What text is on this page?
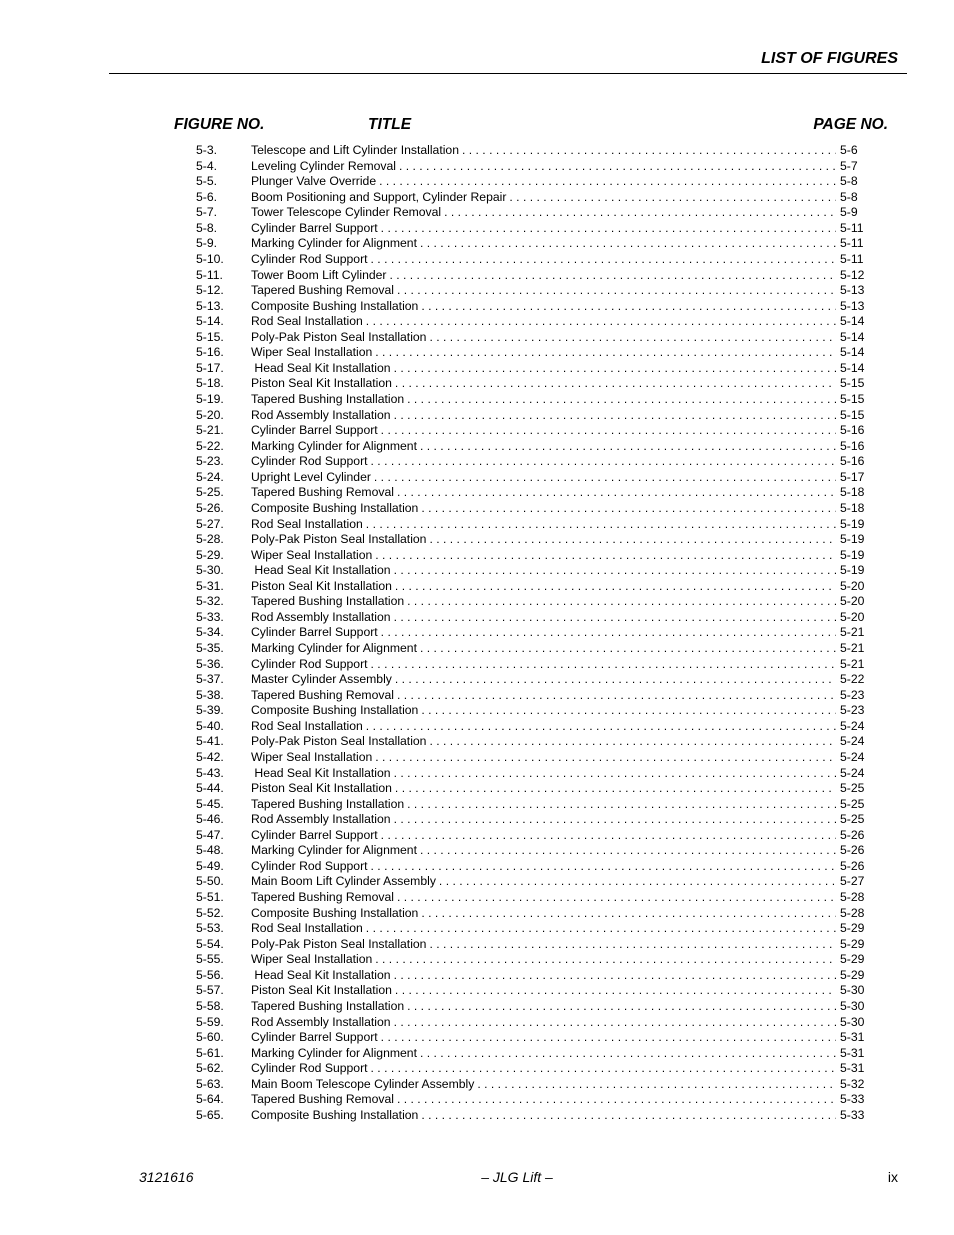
LIST OF FIGURES
FIGURE NO.	TITLE	PAGE NO.
5-3.	Telescope and Lift Cylinder Installation . . .	5-6
5-4.	Leveling Cylinder Removal . . .	5-7
5-5.	Plunger Valve Override . . .	5-8
5-6.	Boom Positioning and Support, Cylinder Repair . . .	5-8
5-7.	Tower Telescope Cylinder Removal . . .	5-9
5-8.	Cylinder Barrel Support . . .	5-11
5-9.	Marking Cylinder for Alignment . . .	5-11
5-10.	Cylinder Rod Support . . .	5-11
5-11.	Tower Boom Lift Cylinder . . .	5-12
5-12.	Tapered Bushing Removal . . .	5-13
5-13.	Composite Bushing Installation . . .	5-13
5-14.	Rod Seal Installation . . .	5-14
5-15.	Poly-Pak Piston Seal Installation . . .	5-14
5-16.	Wiper Seal Installation . . .	5-14
5-17.	Head Seal Kit Installation . . .	5-14
5-18.	Piston Seal Kit Installation . . .	5-15
5-19.	Tapered Bushing Installation . . .	5-15
5-20.	Rod Assembly Installation . . .	5-15
5-21.	Cylinder Barrel Support . . .	5-16
5-22.	Marking Cylinder for Alignment . . .	5-16
5-23.	Cylinder Rod Support . . .	5-16
5-24.	Upright Level Cylinder . . .	5-17
5-25.	Tapered Bushing Removal . . .	5-18
5-26.	Composite Bushing Installation . . .	5-18
5-27.	Rod Seal Installation . . .	5-19
5-28.	Poly-Pak Piston Seal Installation . . .	5-19
5-29.	Wiper Seal Installation . . .	5-19
5-30.	Head Seal Kit Installation . . .	5-19
5-31.	Piston Seal Kit Installation . . .	5-20
5-32.	Tapered Bushing Installation . . .	5-20
5-33.	Rod Assembly Installation . . .	5-20
5-34.	Cylinder Barrel Support . . .	5-21
5-35.	Marking Cylinder for Alignment . . .	5-21
5-36.	Cylinder Rod Support . . .	5-21
5-37.	Master Cylinder Assembly . . .	5-22
5-38.	Tapered Bushing Removal . . .	5-23
5-39.	Composite Bushing Installation . . .	5-23
5-40.	Rod Seal Installation . . .	5-24
5-41.	Poly-Pak Piston Seal Installation . . .	5-24
5-42.	Wiper Seal Installation . . .	5-24
5-43.	Head Seal Kit Installation . . .	5-24
5-44.	Piston Seal Kit Installation . . .	5-25
5-45.	Tapered Bushing Installation . . .	5-25
5-46.	Rod Assembly Installation . . .	5-25
5-47.	Cylinder Barrel Support . . .	5-26
5-48.	Marking Cylinder for Alignment . . .	5-26
5-49.	Cylinder Rod Support . . .	5-26
5-50.	Main Boom Lift Cylinder Assembly . . .	5-27
5-51.	Tapered Bushing Removal . . .	5-28
5-52.	Composite Bushing Installation . . .	5-28
5-53.	Rod Seal Installation . . .	5-29
5-54.	Poly-Pak Piston Seal Installation . . .	5-29
5-55.	Wiper Seal Installation . . .	5-29
5-56.	Head Seal Kit Installation . . .	5-29
5-57.	Piston Seal Kit Installation . . .	5-30
5-58.	Tapered Bushing Installation . . .	5-30
5-59.	Rod Assembly Installation . . .	5-30
5-60.	Cylinder Barrel Support . . .	5-31
5-61.	Marking Cylinder for Alignment . . .	5-31
5-62.	Cylinder Rod Support . . .	5-31
5-63.	Main Boom Telescope Cylinder Assembly . . .	5-32
5-64.	Tapered Bushing Removal . . .	5-33
5-65.	Composite Bushing Installation . . .	5-33
3121616	– JLG Lift –	ix
